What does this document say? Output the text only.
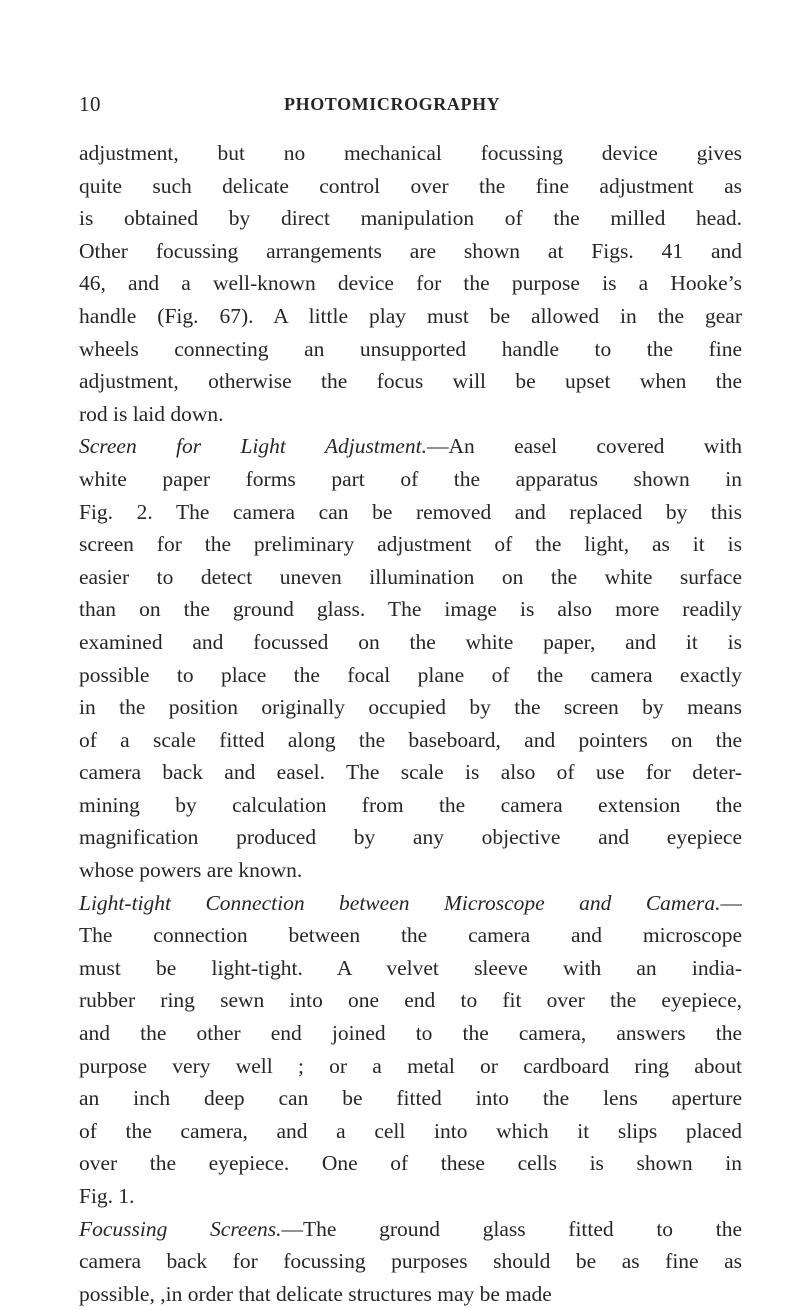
10	PHOTOMICROGRAPHY
adjustment, but no mechanical focussing device gives
quite such delicate control over the fine adjustment as
is obtained by direct manipulation of the milled head.
Other focussing arrangements are shown at Figs. 41 and
46, and a well-known device for the purpose is a Hooke’s
handle (Fig. 67). A little play must be allowed in the gear
wheels connecting an unsupported handle to the fine
adjustment, otherwise the focus will be upset when the
rod is laid down.
Screen for Light Adjustment.—An easel covered with
white paper forms part of the apparatus shown in
Fig. 2. The camera can be removed and replaced by this
screen for the preliminary adjustment of the light, as it is
easier to detect uneven illumination on the white surface
than on the ground glass. The image is also more readily
examined and focussed on the white paper, and it is
possible to place the focal plane of the camera exactly
in the position originally occupied by the screen by means
of a scale fitted along the baseboard, and pointers on the
camera back and easel. The scale is also of use for deter-
mining by calculation from the camera extension the
magnification produced by any objective and eyepiece
whose powers are known.
Light-tight Connection between Microscope and Camera.—
The connection between the camera and microscope
must be light-tight. A velvet sleeve with an india-
rubber ring sewn into one end to fit over the eyepiece,
and the other end joined to the camera, answers the
purpose very well ; or a metal or cardboard ring about
an inch deep can be fitted into the lens aperture
of the camera, and a cell into which it slips placed
over the eyepiece. One of these cells is shown in
Fig. 1.
Focussing Screens.—The ground glass fitted to the
camera back for focussing purposes should be as fine as
possible, ,in order that delicate structures may be made
